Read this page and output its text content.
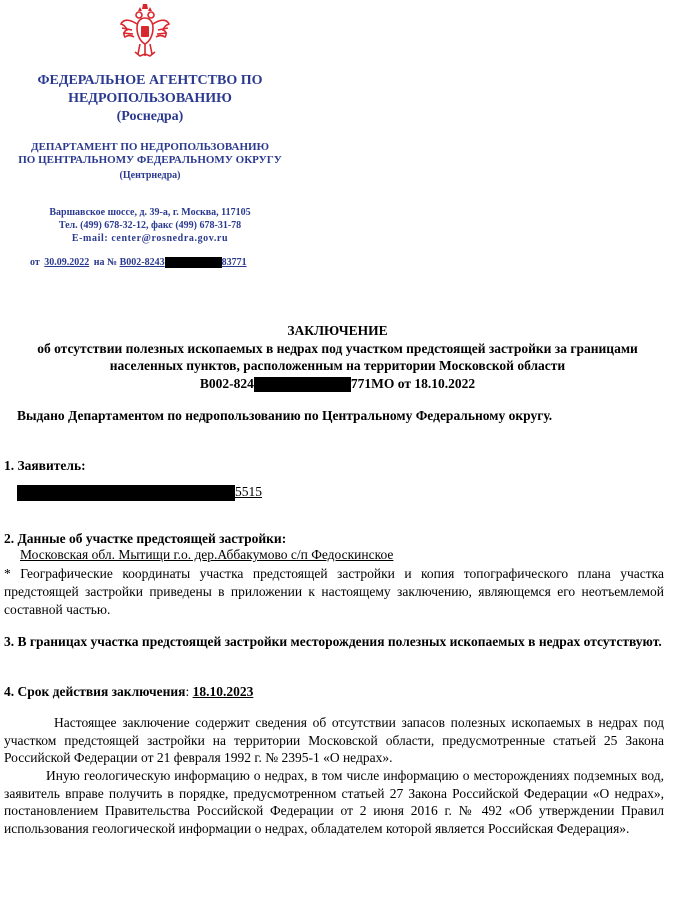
ФЕДЕРАЛЬНОЕ АГЕНТСТВО ПО
НЕДРОПОЛЬЗОВАНИЮ
(Роснедра)
ДЕПАРТАМЕНТ ПО НЕДРОПОЛЬЗОВАНИЮ
ПО ЦЕНТРАЛЬНОМУ ФЕДЕРАЛЬНОМУ ОКРУГУ
(Центрнедра)
Варшавское шоссе, д. 39-а, г. Москва, 117105
Тел. (499) 678-32-12, факс (499) 678-31-78
E-mail: center@rosnedra.gov.ru
от 30.09.2022 на № В002-8243	83771
ЗАКЛЮЧЕНИЕ
об отсутствии полезных ископаемых в недрах под участком предстоящей застройки за границами
населенных пунктов, расположенным на территории Московской области
В002-824	771МО от 18.10.2022
Выдано Департаментом по недропользованию по Центральному Федеральному округу.
1. Заявитель:
5515
2. Данные об участке предстоящей застройки:
Московская обл. Мытищи г.о. дер.Аббакумово с/п Федоскинское
* Географические координаты участка предстоящей застройки и копия топографического плана участка предстоящей застройки приведены в приложении к настоящему заключению, являющемся его неотъемлемой составной частью.
3. В границах участка предстоящей застройки месторождения полезных ископаемых в недрах отсутствуют.
4. Срок действия заключения: 18.10.2023
Настоящее заключение содержит сведения об отсутствии запасов полезных ископаемых в недрах под участком предстоящей застройки на территории Московской области, предусмотренные статьей 25 Закона Российской Федерации от 21 февраля 1992 г. № 2395-1 «О недрах».
Иную геологическую информацию о недрах, в том числе информацию о месторождениях подземных вод, заявитель вправе получить в порядке, предусмотренном статьей 27 Закона Российской Федерации «О недрах», постановлением Правительства Российской Федерации от 2 июня 2016 г. № 492 «Об утверждении Правил использования геологической информации о недрах, обладателем которой является Российская Федерация».
